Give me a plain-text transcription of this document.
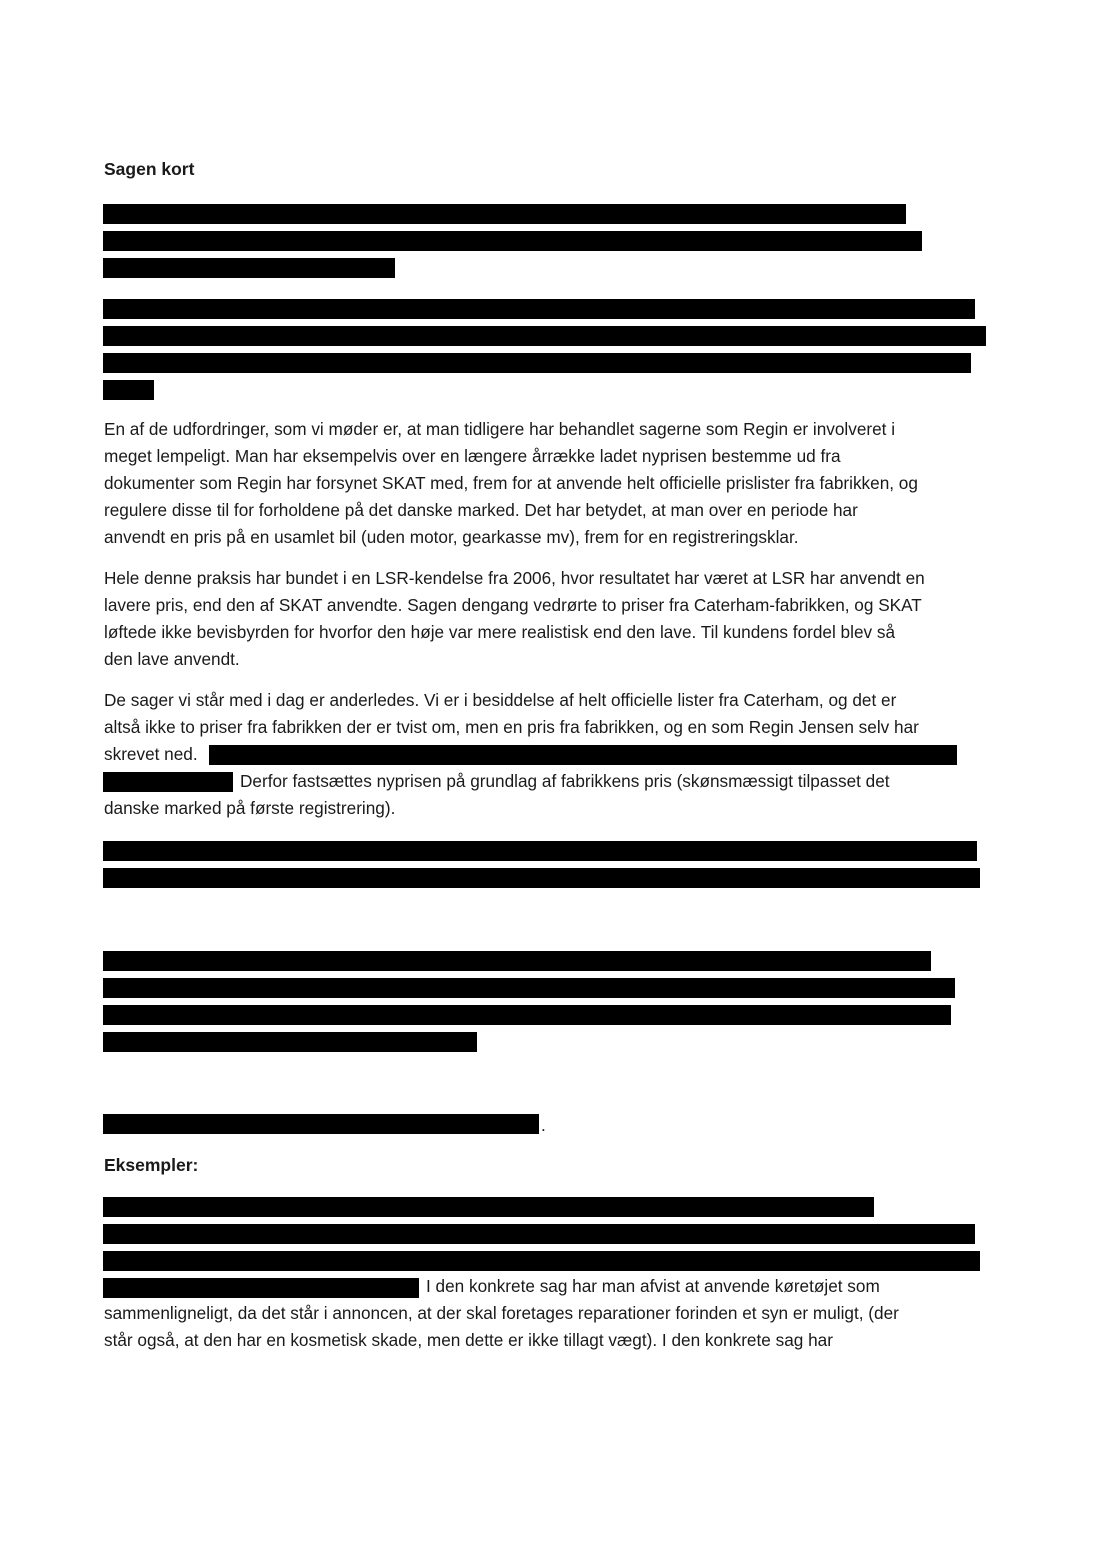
Sagen kort
En af de udfordringer, som vi møder er, at man tidligere har behandlet sagerne som Regin er involveret i
meget lempeligt. Man har eksempelvis over en længere årrække ladet nyprisen bestemme ud fra
dokumenter som Regin har forsynet SKAT med, frem for at anvende helt officielle prislister fra fabrikken, og
regulere disse til for forholdene på det danske marked. Det har betydet, at man over en periode har
anvendt en pris på en usamlet bil (uden motor, gearkasse mv), frem for en registreringsklar.
Hele denne praksis har bundet i en LSR-kendelse fra 2006, hvor resultatet har været at LSR har anvendt en
lavere pris, end den af SKAT anvendte. Sagen dengang vedrørte to priser fra Caterham-fabrikken, og SKAT
løftede ikke bevisbyrden for hvorfor den høje var mere realistisk end den lave. Til kundens fordel blev så
den lave anvendt.
De sager vi står med i dag er anderledes. Vi er i besiddelse af helt officielle lister fra Caterham, og det er
altså ikke to priser fra fabrikken der er tvist om, men en pris fra fabrikken, og en som Regin Jensen selv har
skrevet ned.
Derfor fastsættes nyprisen på grundlag af fabrikkens pris (skønsmæssigt tilpasset det
danske marked på første registrering).
.
Eksempler:
I den konkrete sag har man afvist at anvende køretøjet som
sammenligneligt, da det står i annoncen, at der skal foretages reparationer forinden et syn er muligt, (der
står også, at den har en kosmetisk skade, men dette er ikke tillagt vægt). I den konkrete sag har
